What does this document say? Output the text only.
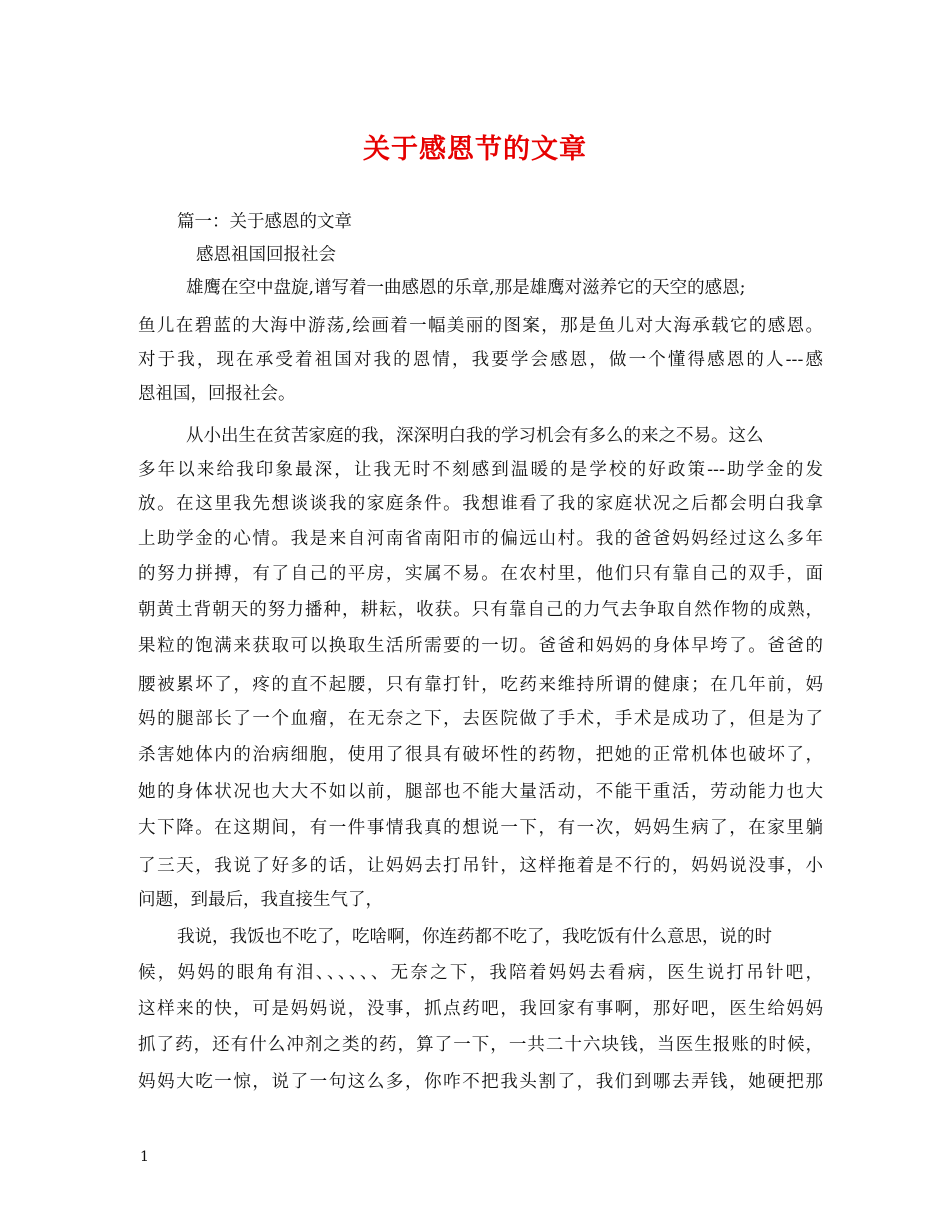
关于感恩节的文章
篇一：关于感恩的文章
感恩祖国回报社会
雄鹰在空中盘旋,谱写着一曲感恩的乐章,那是雄鹰对滋养它的天空的感恩;
鱼儿在碧蓝的大海中游荡,绘画着一幅美丽的图案，那是鱼儿对大海承载它的感恩。
对于我，现在承受着祖国对我的恩情，我要学会感恩，做一个懂得感恩的人---感
恩祖国，回报社会。
从小出生在贫苦家庭的我，深深明白我的学习机会有多么的来之不易。这么
多年以来给我印象最深，让我无时不刻感到温暖的是学校的好政策---助学金的发
放。在这里我先想谈谈我的家庭条件。我想谁看了我的家庭状况之后都会明白我拿
上助学金的心情。我是来自河南省南阳市的偏远山村。我的爸爸妈妈经过这么多年
的努力拼搏，有了自己的平房，实属不易。在农村里，他们只有靠自己的双手，面
朝黄土背朝天的努力播种，耕耘，收获。只有靠自己的力气去争取自然作物的成熟，
果粒的饱满来获取可以换取生活所需要的一切。爸爸和妈妈的身体早垮了。爸爸的
腰被累坏了，疼的直不起腰，只有靠打针，吃药来维持所谓的健康；在几年前，妈
妈的腿部长了一个血瘤，在无奈之下，去医院做了手术，手术是成功了，但是为了
杀害她体内的治病细胞，使用了很具有破坏性的药物，把她的正常机体也破坏了，
她的身体状况也大大不如以前，腿部也不能大量活动，不能干重活，劳动能力也大
大下降。在这期间，有一件事情我真的想说一下，有一次，妈妈生病了，在家里躺
了三天，我说了好多的话，让妈妈去打吊针，这样拖着是不行的，妈妈说没事，小
问题，到最后，我直接生气了，
我说，我饭也不吃了，吃啥啊，你连药都不吃了，我吃饭有什么意思，说的时
候，妈妈的眼角有泪、、、、、、无奈之下，我陪着妈妈去看病，医生说打吊针吧，
这样来的快，可是妈妈说，没事，抓点药吧，我回家有事啊，那好吧，医生给妈妈
抓了药，还有什么冲剂之类的药，算了一下，一共二十六块钱，当医生报账的时候，
妈妈大吃一惊，说了一句这么多，你咋不把我头割了，我们到哪去弄钱，她硬把那
1
